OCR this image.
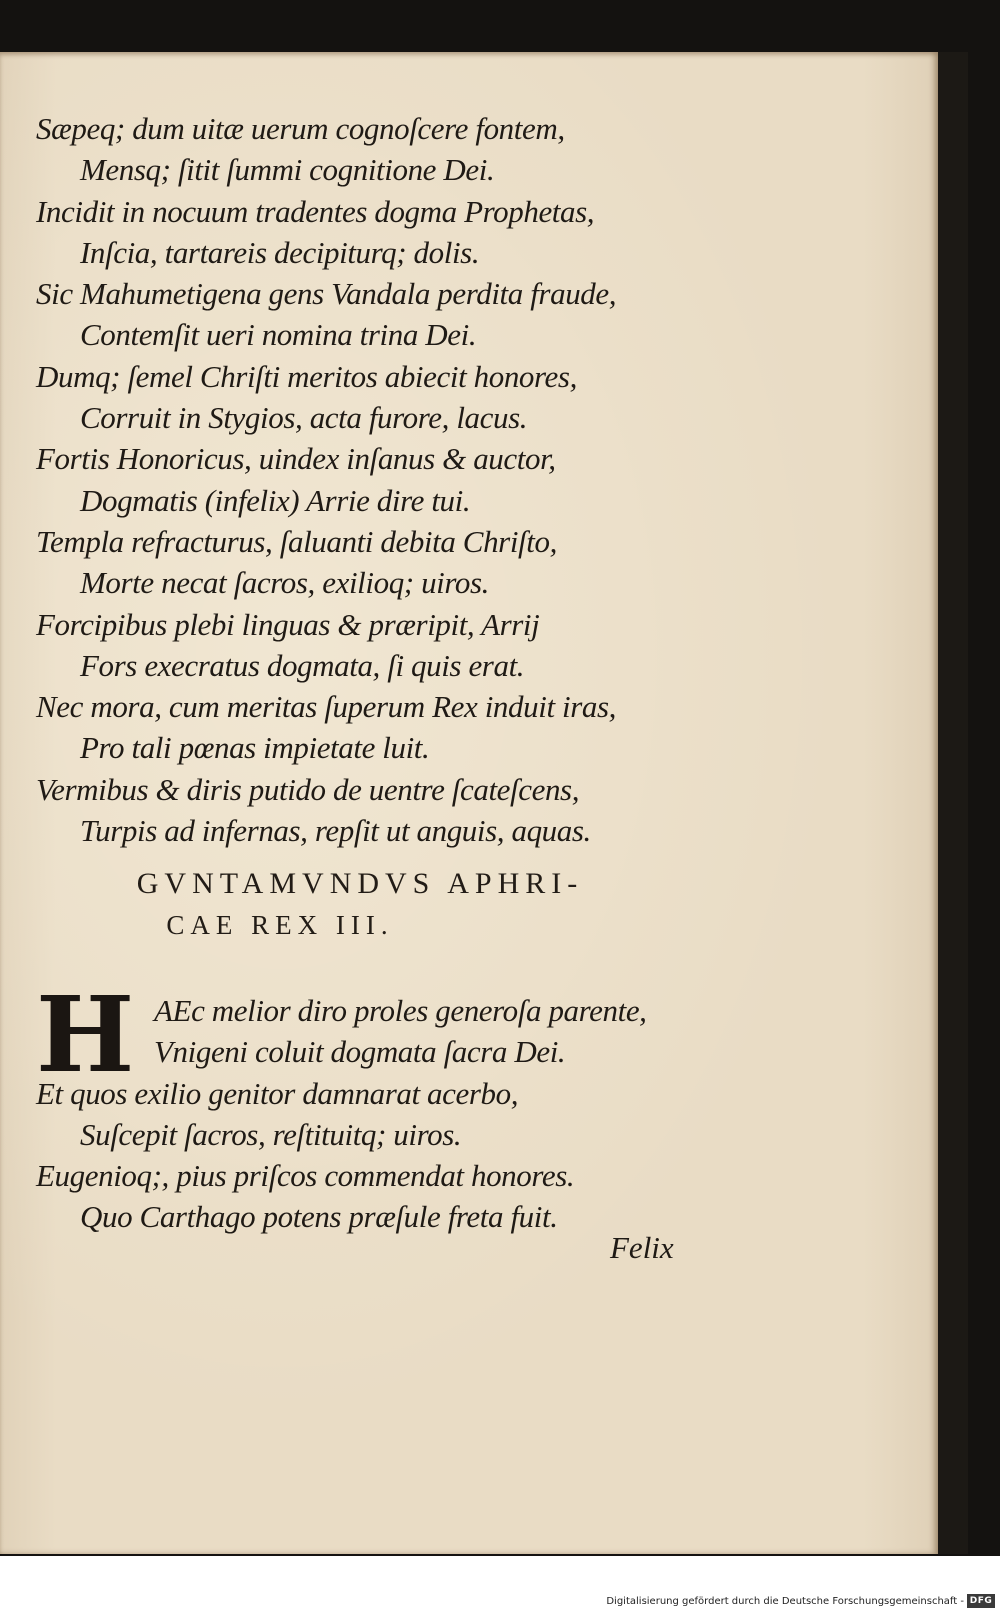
Sæpeq; dum uitæ uerum cognoſcere fontem,
Mensq; ſitit ſummi cognitione Dei.
Incidit in nocuum tradentes dogma Prophetas,
Inſcia, tartareis decipiturq; dolis.
Sic Mahumetigena gens Vandala perdita fraude,
Contemſit ueri nomina trina Dei.
Dumq; ſemel Chriſti meritos abiecit honores,
Corruit in Stygios, acta furore, lacus.
Fortis Honoricus, uindex inſanus & auctor,
Dogmatis (infelix) Arrie dire tui.
Templa refracturus, ſaluanti debita Chriſto,
Morte necat ſacros, exilioq; uiros.
Forcipibus plebi linguas & præripit, Arrij
Fors execratus dogmata, ſi quis erat.
Nec mora, cum meritas ſuperum Rex induit iras,
Pro tali pœnas impietate luit.
Vermibus & diris putido de uentre ſcateſcens,
Turpis ad infernas, repſit ut anguis, aquas.
GVNTAMVNDVS APHRI-
CAE REX III.
H AEc melior diro proles generoſa parente,
Vnigeni coluit dogmata ſacra Dei.
Et quos exilio genitor damnarat acerbo,
Suſcepit ſacros, reſtituitq; uiros.
Eugenioq;, pius priſcos commendat honores.
Quo Carthago potens præſule freta fuit.
Felix
Digitalisierung gefördert durch die Deutsche Forschungsgemeinschaft - DFG
